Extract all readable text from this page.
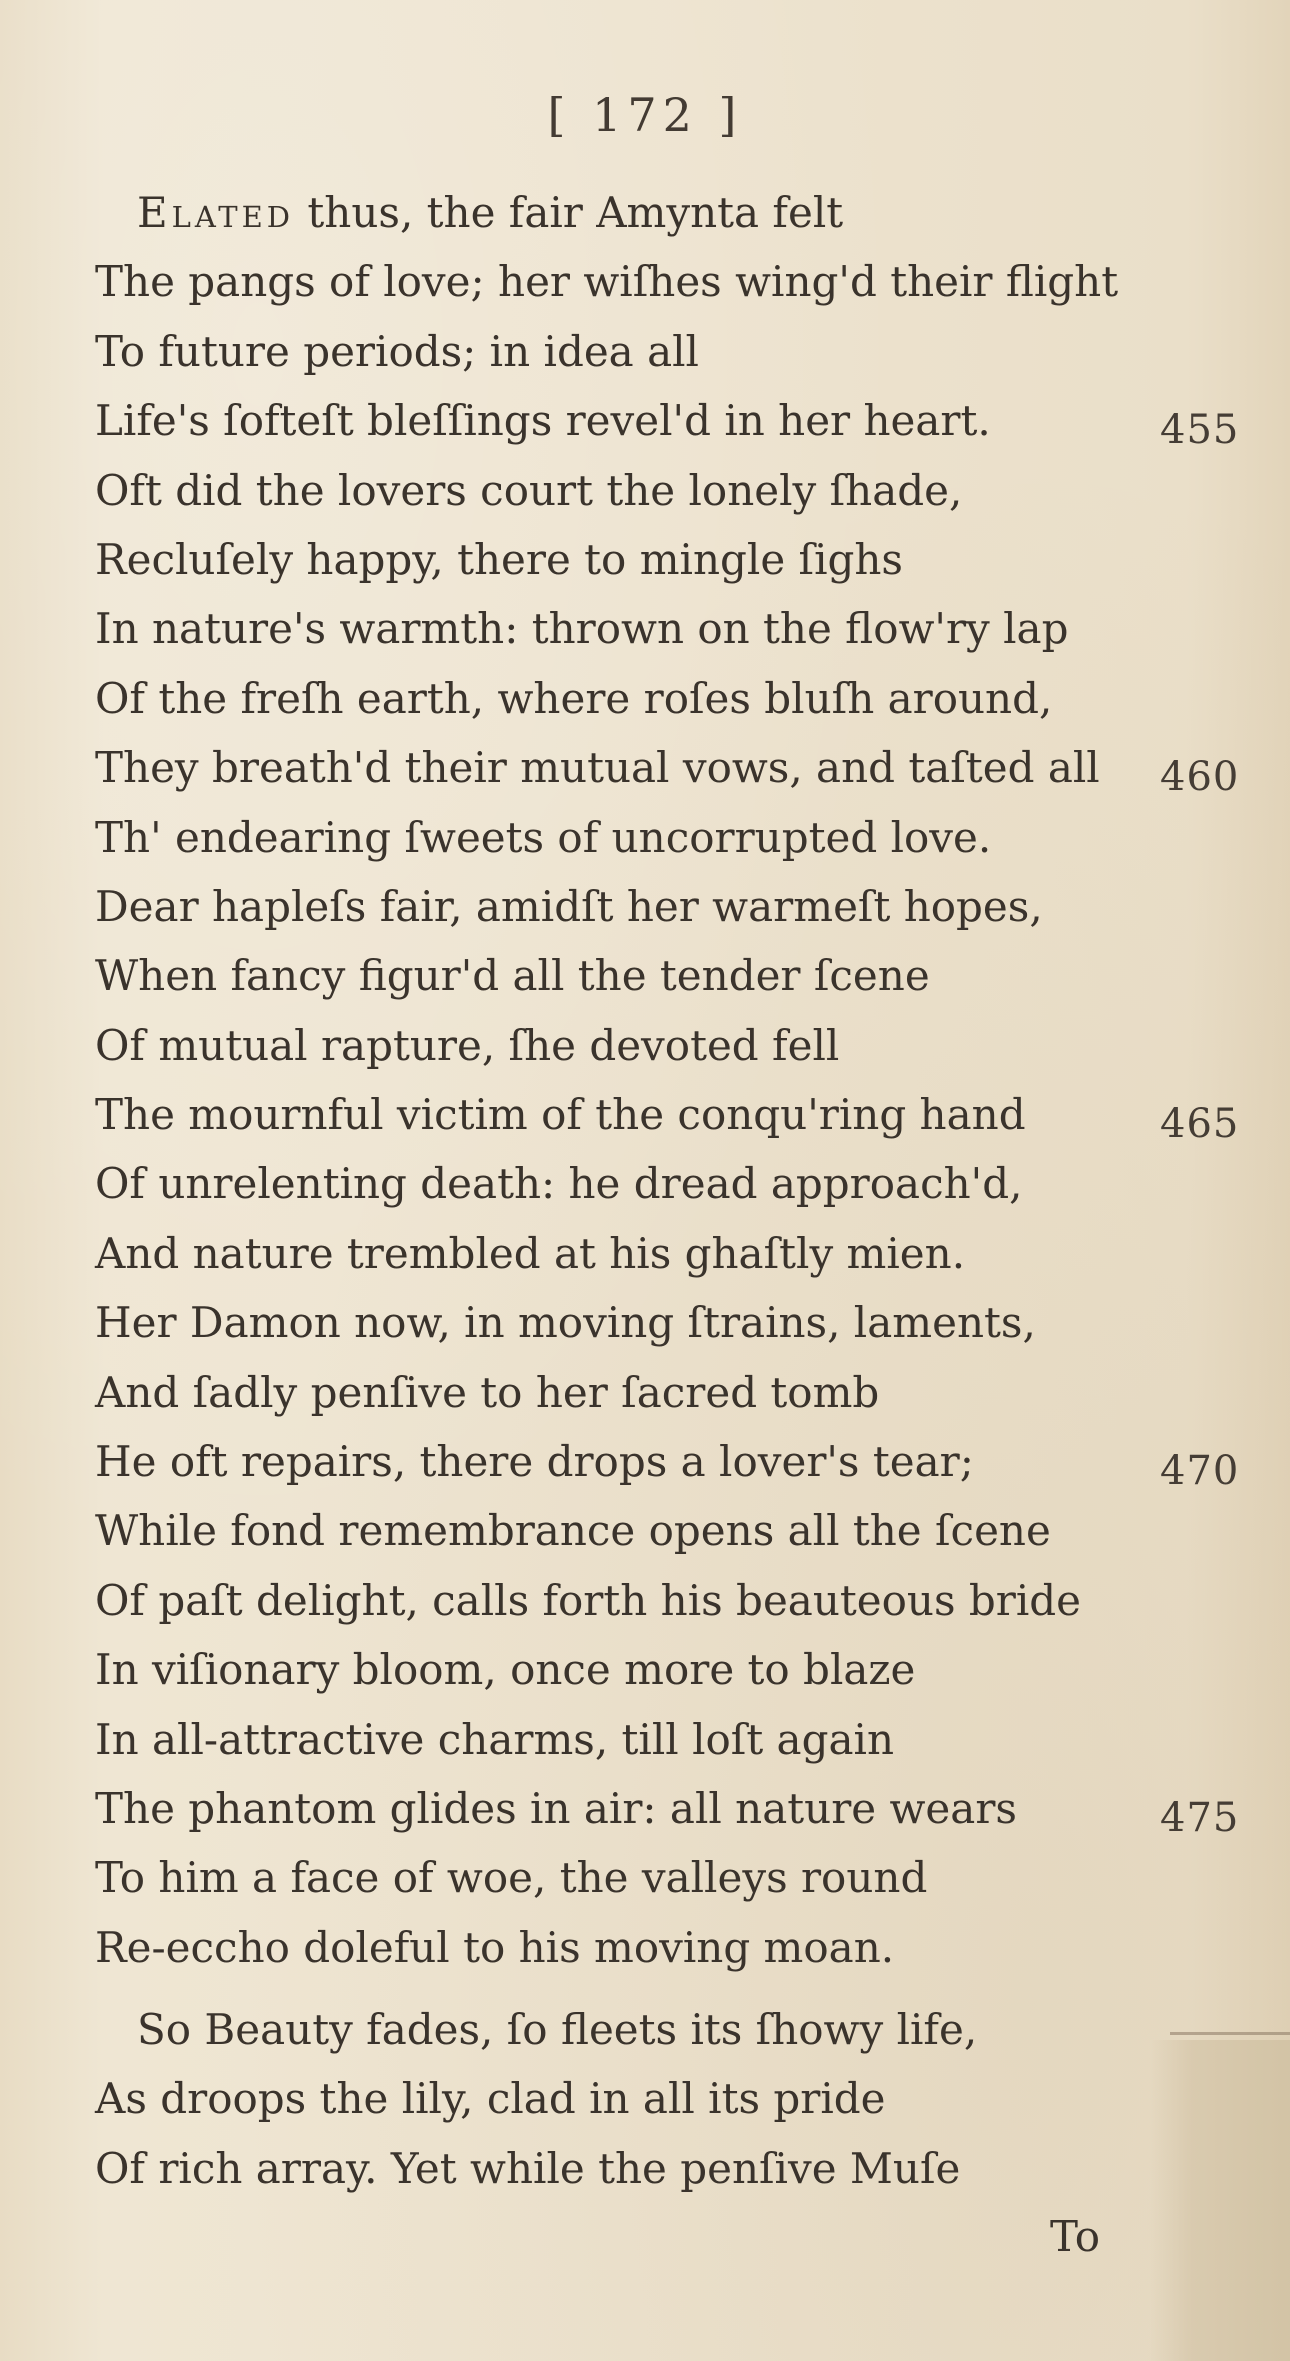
[ 172 ]
Elated thus, the fair Amynta felt
The pangs of love; her wiſhes wing'd their flight
To future periods; in idea all
Life's ſofteſt bleſſings revel'd in her heart.	455
Oft did the lovers court the lonely ſhade,
Recluſely happy, there to mingle ſighs
In nature's warmth: thrown on the flow'ry lap
Of the freſh earth, where roſes bluſh around,
They breath'd their mutual vows, and taſted all 460
Th' endearing ſweets of uncorrupted love.
Dear hapleſs fair, amidſt her warmeſt hopes,
When fancy figur'd all the tender ſcene
Of mutual rapture, ſhe devoted fell
The mournful victim of the conqu'ring hand	465
Of unrelenting death: he dread approach'd,
And nature trembled at his ghaſtly mien.
Her Damon now, in moving ſtrains, laments,
And ſadly penſive to her ſacred tomb
He oft repairs, there drops a lover's tear;	470
While fond remembrance opens all the ſcene
Of paſt delight, calls forth his beauteous bride
In viſionary bloom, once more to blaze
In all-attractive charms, till loſt again
The phantom glides in air: all nature wears	475
To him a face of woe, the valleys round
Re-eccho doleful to his moving moan.
So Beauty fades, ſo fleets its ſhowy life,
As droops the lily, clad in all its pride
Of rich array. Yet while the penſive Muſe
To
